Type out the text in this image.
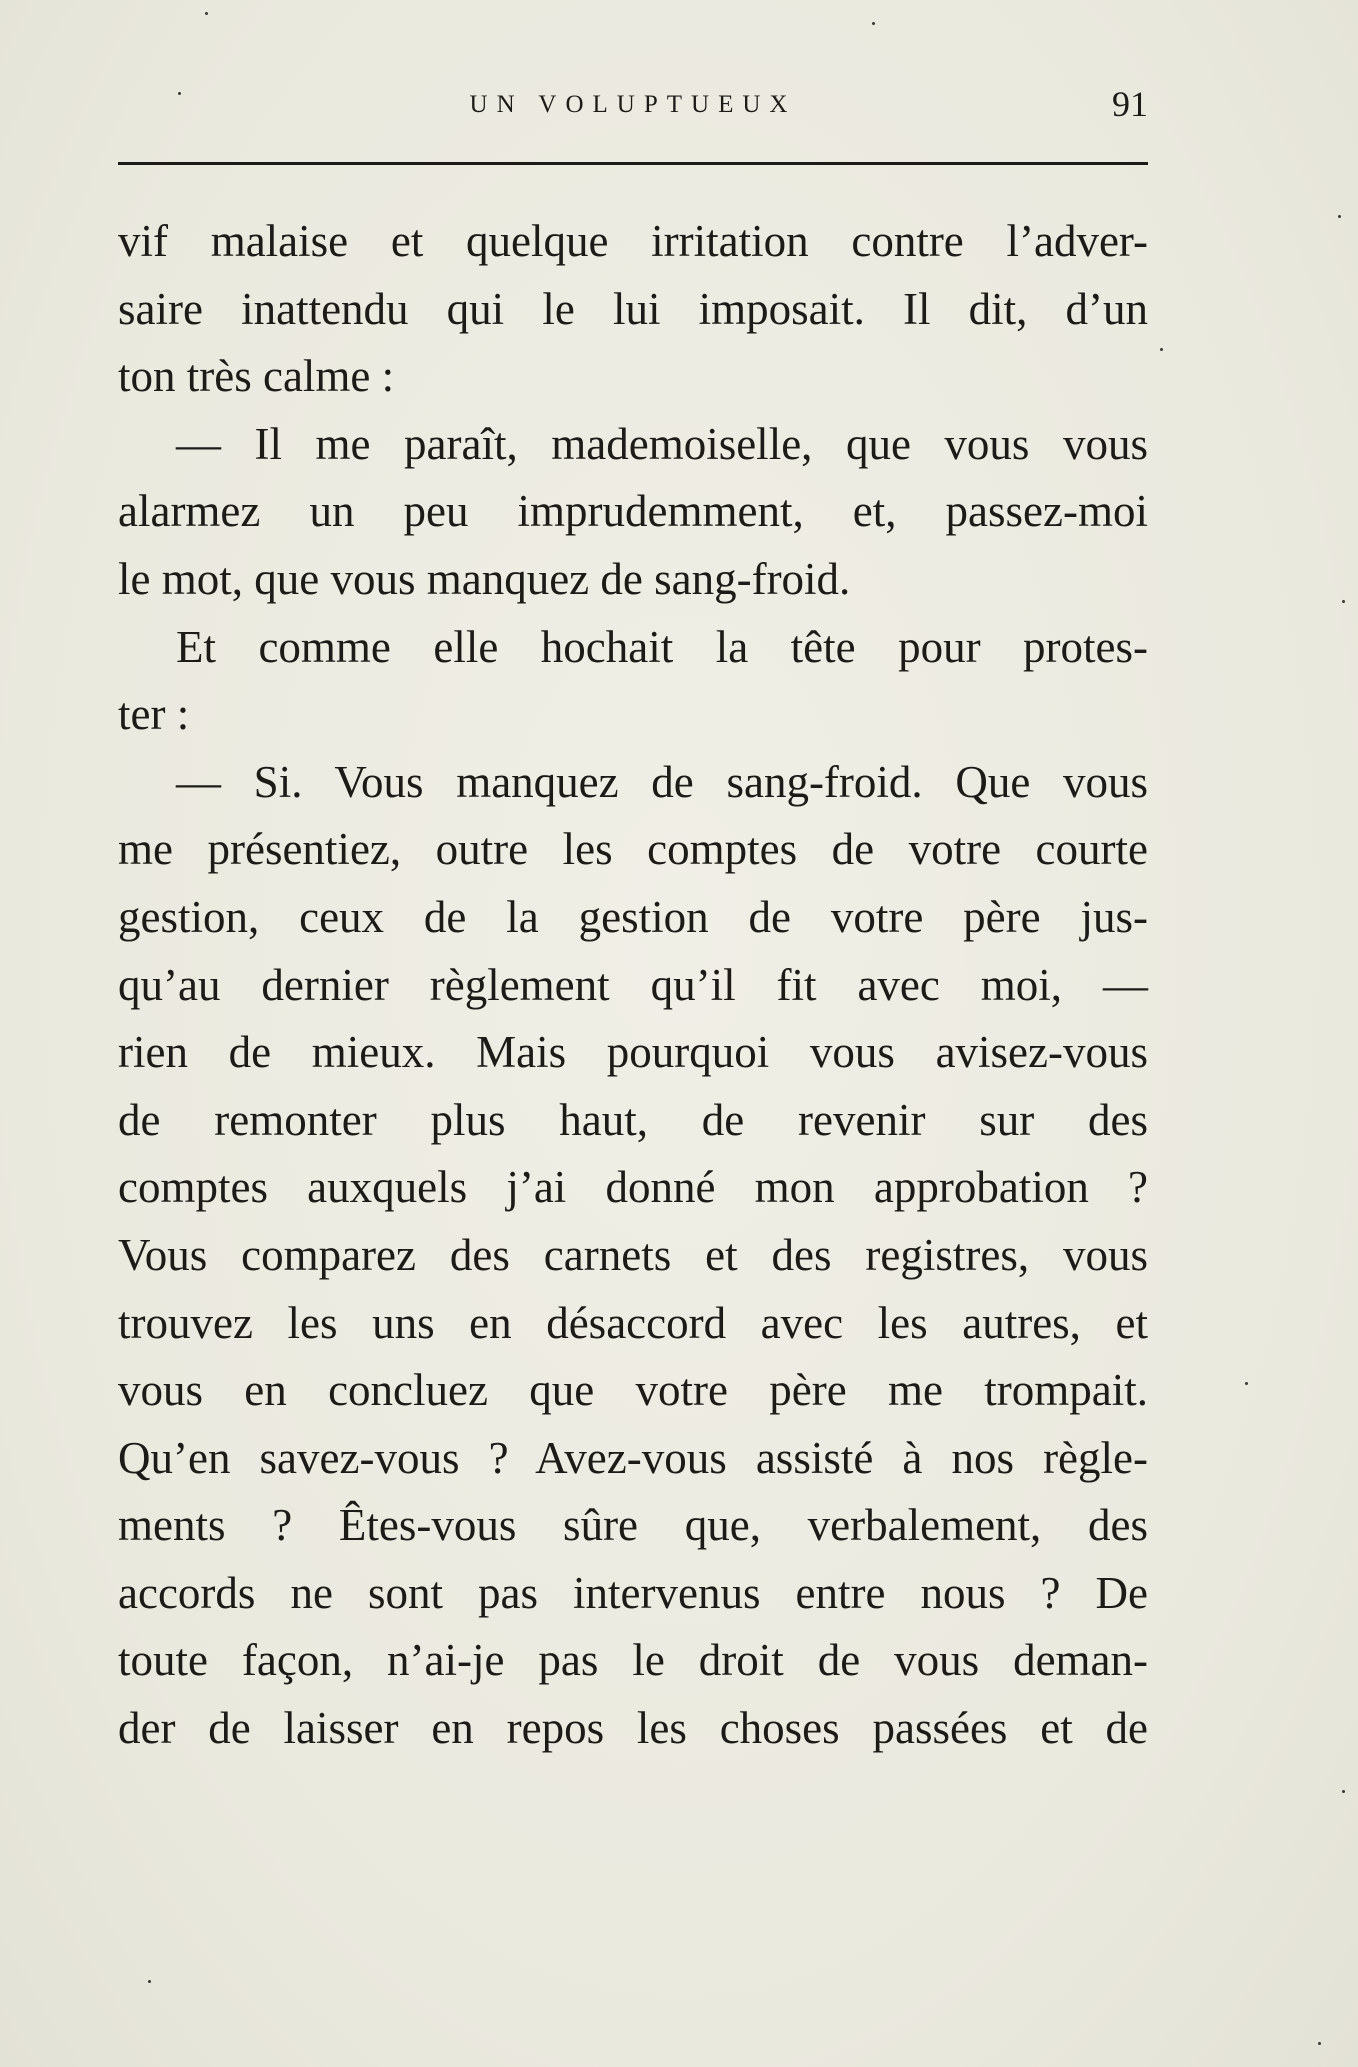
UN VOLUPTUEUX	91
vif malaise et quelque irritation contre l’adver-
saire inattendu qui le lui imposait. Il dit, d’un
ton très calme :
— Il me paraît, mademoiselle, que vous vous
alarmez un peu imprudemment, et, passez-moi
le mot, que vous manquez de sang-froid.
Et comme elle hochait la tête pour protes-
ter :
— Si. Vous manquez de sang-froid. Que vous
me présentiez, outre les comptes de votre courte
gestion, ceux de la gestion de votre père jus-
qu’au dernier règlement qu’il fit avec moi, —
rien de mieux. Mais pourquoi vous avisez-vous
de remonter plus haut, de revenir sur des
comptes auxquels j’ai donné mon approbation ?
Vous comparez des carnets et des registres, vous
trouvez les uns en désaccord avec les autres, et
vous en concluez que votre père me trompait.
Qu’en savez-vous ? Avez-vous assisté à nos règle-
ments ? Êtes-vous sûre que, verbalement, des
accords ne sont pas intervenus entre nous ? De
toute façon, n’ai-je pas le droit de vous deman-
der de laisser en repos les choses passées et de
